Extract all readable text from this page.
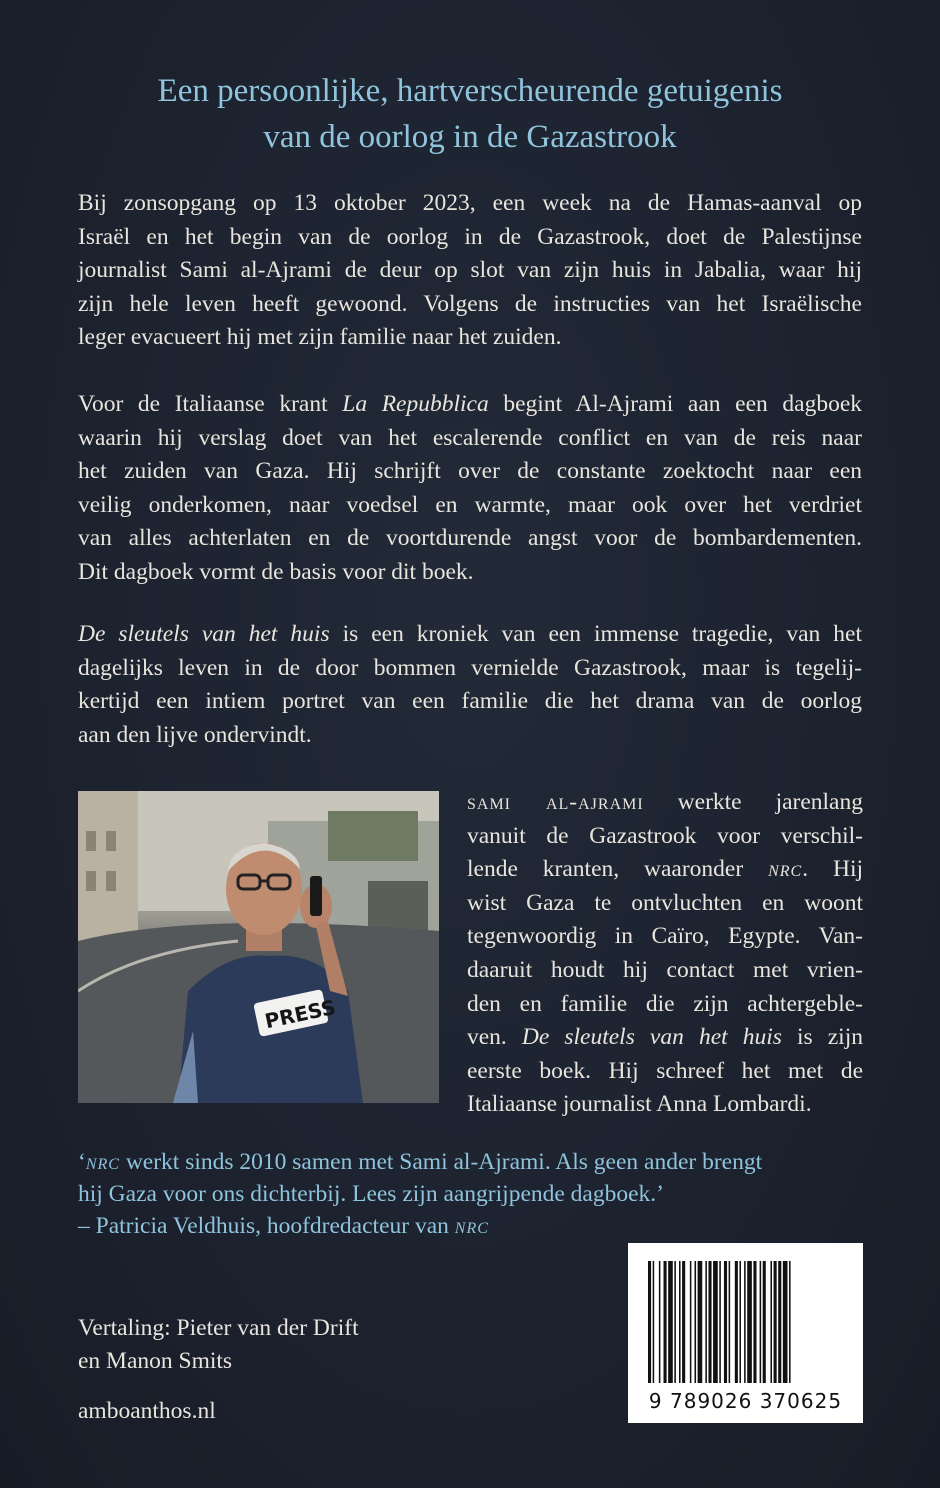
Een persoonlijke, hartverscheurende getuigenis
van de oorlog in de Gazastrook
Bij zonsopgang op 13 oktober 2023, een week na de Hamas-aanval op
Israël en het begin van de oorlog in de Gazastrook, doet de Palestijnse
journalist Sami al-Ajrami de deur op slot van zijn huis in Jabalia, waar hij
zijn hele leven heeft gewoond. Volgens de instructies van het Israëlische
leger evacueert hij met zijn familie naar het zuiden.
Voor de Italiaanse krant La Repubblica begint Al-Ajrami aan een dagboek
waarin hij verslag doet van het escalerende conflict en van de reis naar
het zuiden van Gaza. Hij schrijft over de constante zoektocht naar een
veilig onderkomen, naar voedsel en warmte, maar ook over het verdriet
van alles achterlaten en de voortdurende angst voor de bombardementen.
Dit dagboek vormt de basis voor dit boek.
De sleutels van het huis is een kroniek van een immense tragedie, van het
dagelijks leven in de door bommen vernielde Gazastrook, maar is tegelij-
kertijd een intiem portret van een familie die het drama van de oorlog
aan den lijve ondervindt.
PRESS
sami al-ajrami werkte jarenlang
vanuit de Gazastrook voor verschil-
lende kranten, waaronder nrc. Hij
wist Gaza te ontvluchten en woont
tegenwoordig in Caïro, Egypte. Van-
daaruit houdt hij contact met vrien-
den en familie die zijn achtergeble-
ven. De sleutels van het huis is zijn
eerste boek. Hij schreef het met de
Italiaanse journalist Anna Lombardi.
‘nrc werkt sinds 2010 samen met Sami al-Ajrami. Als geen ander brengt
hij Gaza voor ons dichterbij. Lees zijn aangrijpende dagboek.’
– Patricia Veldhuis, hoofdredacteur van nrc
Vertaling: Pieter van der Drift
en Manon Smits
amboanthos.nl	9 789026 370625
